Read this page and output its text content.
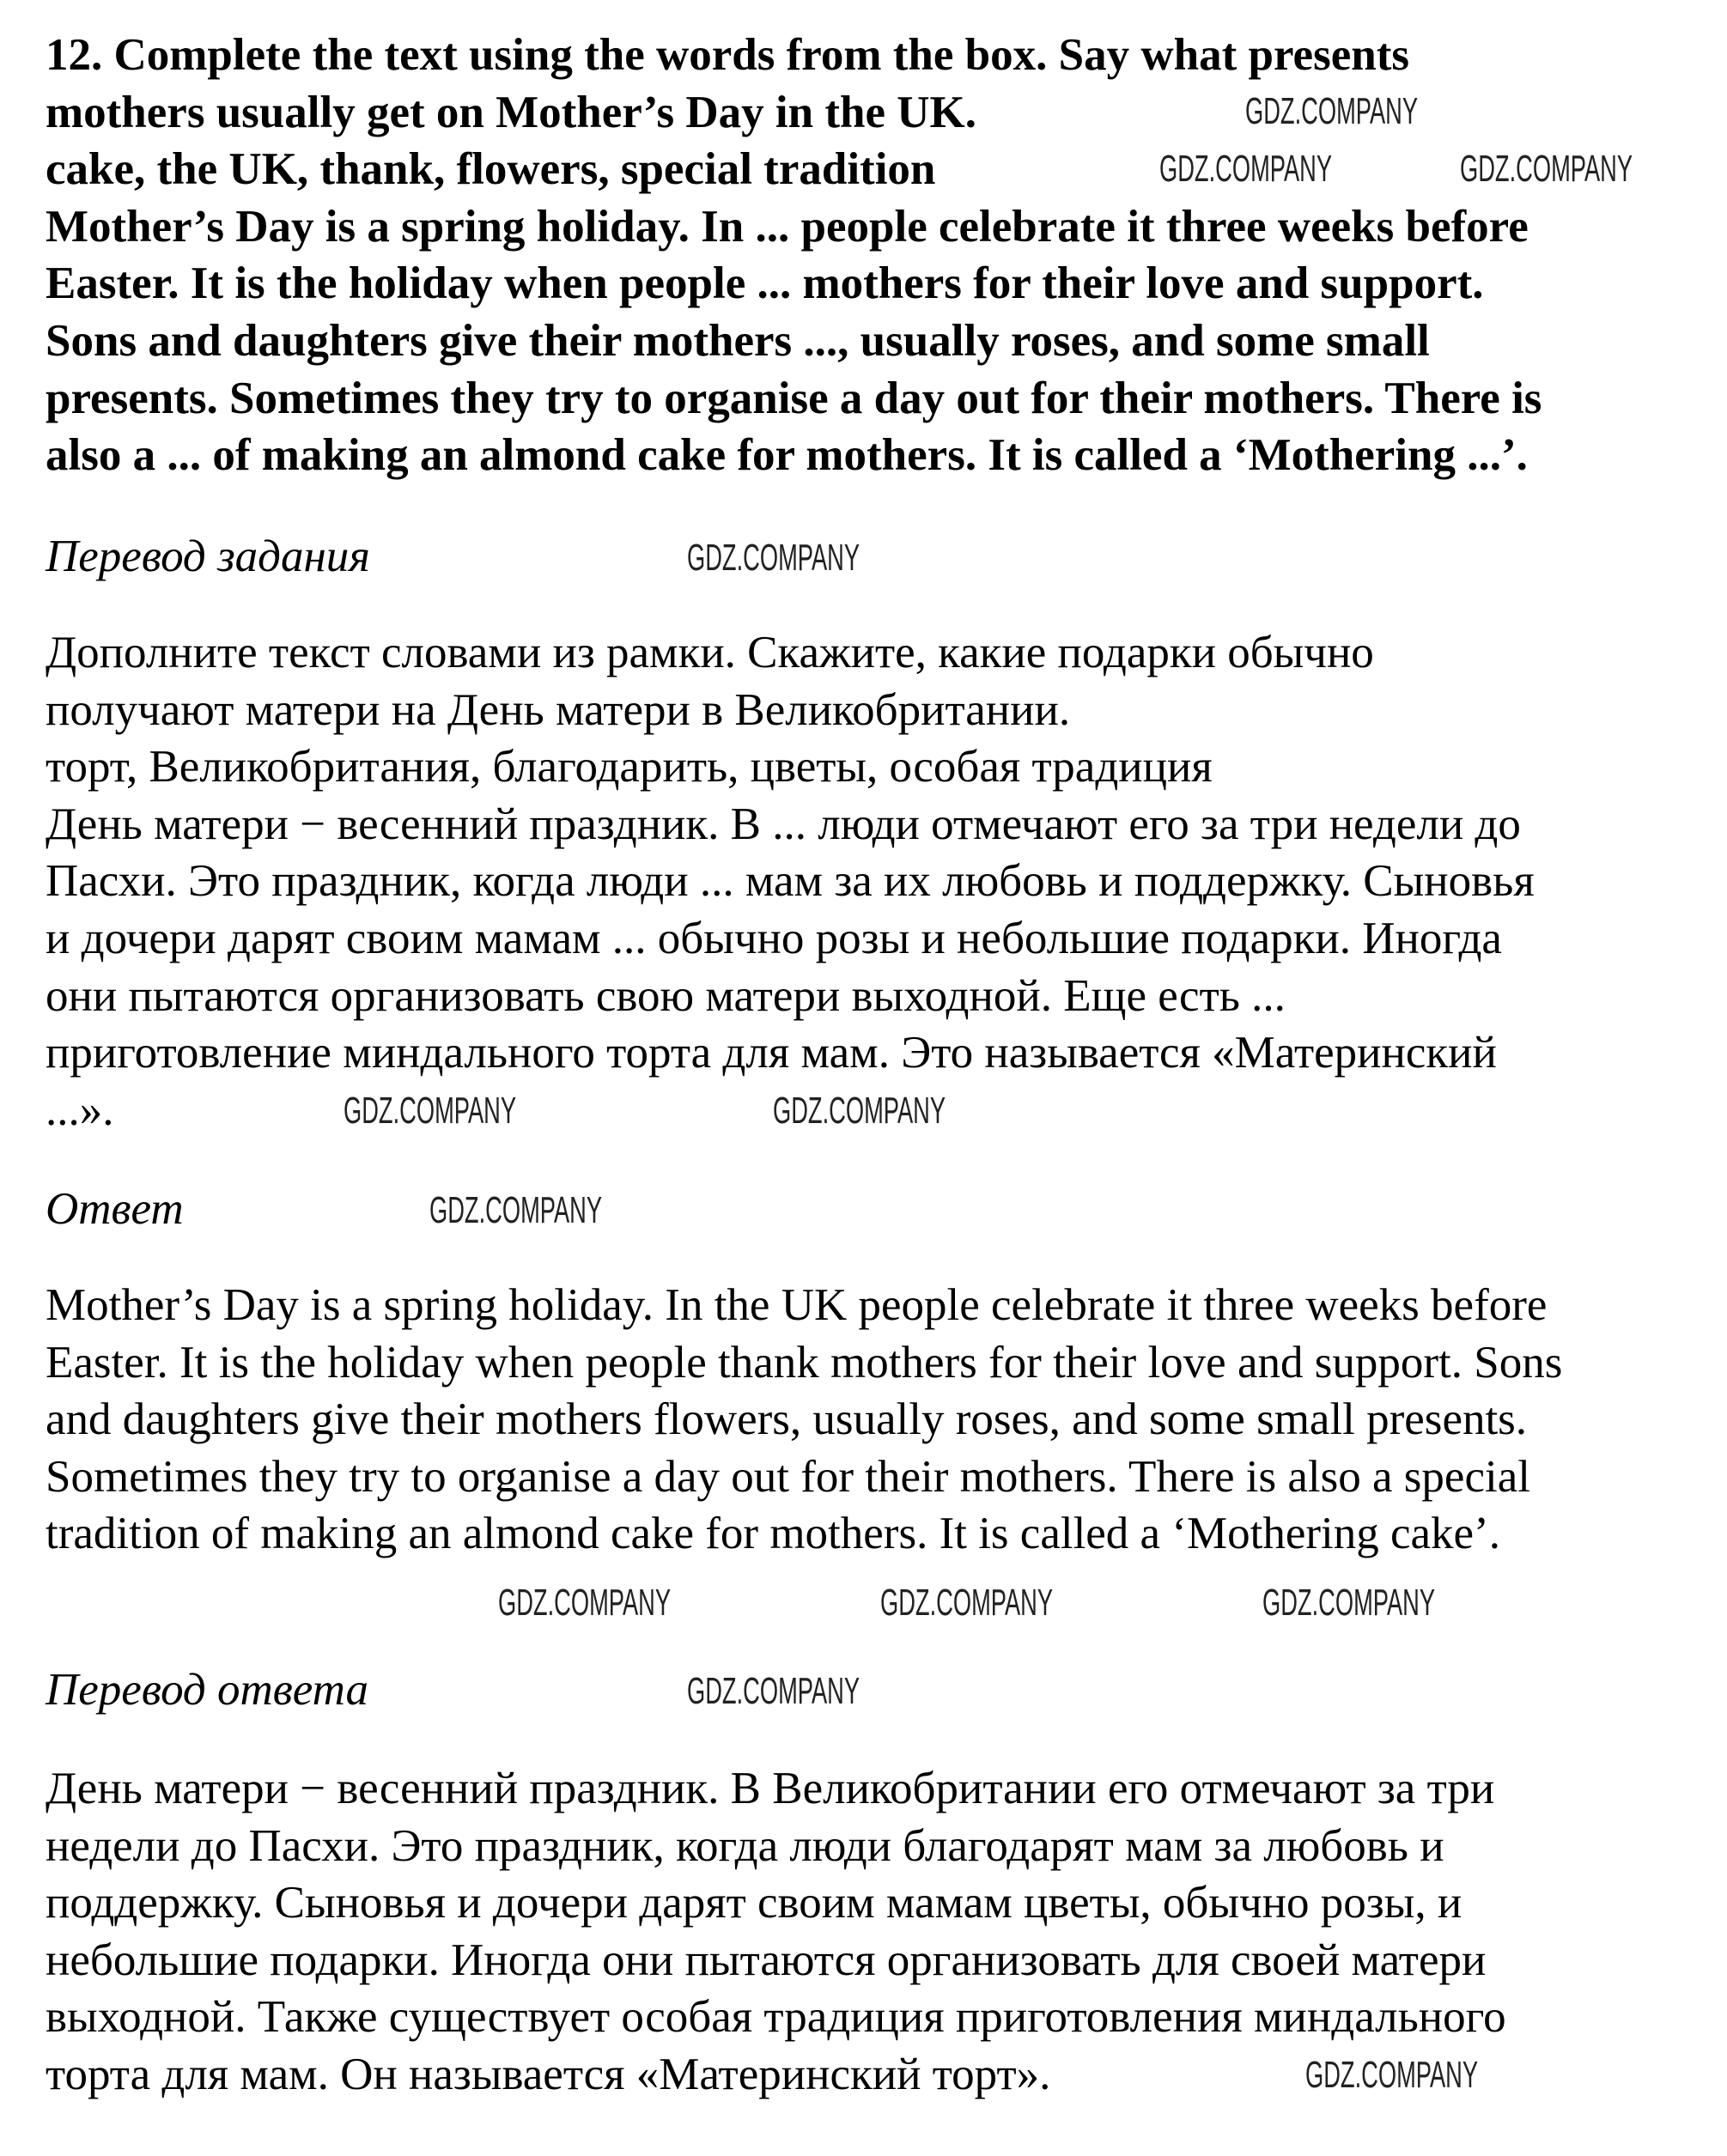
12. Complete the text using the words from the box. Say what presents
mothers usually get on Mother’s Day in the UK.
cake, the UK, thank, flowers, special tradition
Mother’s Day is a spring holiday. In ... people celebrate it three weeks before
Easter. It is the holiday when people ... mothers for their love and support.
Sons and daughters give their mothers ..., usually roses, and some small
presents. Sometimes they try to organise a day out for their mothers. There is
also a ... of making an almond cake for mothers. It is called a ‘Mothering ...’.
Перевод задания
Дополните текст словами из рамки. Скажите, какие подарки обычно
получают матери на День матери в Великобритании.
торт, Великобритания, благодарить, цветы, особая традиция
День матери − весенний праздник. В ... люди отмечают его за три недели до
Пасхи. Это праздник, когда люди ... мам за их любовь и поддержку. Сыновья
и дочери дарят своим мамам ... обычно розы и небольшие подарки. Иногда
они пытаются организовать свою матери выходной. Еще есть ...
приготовление миндального торта для мам. Это называется «Материнский
...».
Ответ
Mother’s Day is a spring holiday. In the UK people celebrate it three weeks before
Easter. It is the holiday when people thank mothers for their love and support. Sons
and daughters give their mothers flowers, usually roses, and some small presents.
Sometimes they try to organise a day out for their mothers. There is also a special
tradition of making an almond cake for mothers. It is called a ‘Mothering cake’.
Перевод ответа
День матери − весенний праздник. В Великобритании его отмечают за три
недели до Пасхи. Это праздник, когда люди благодарят мам за любовь и
поддержку. Сыновья и дочери дарят своим мамам цветы, обычно розы, и
небольшие подарки. Иногда они пытаются организовать для своей матери
выходной. Также существует особая традиция приготовления миндального
торта для мам. Он называется «Материнский торт».
GDZ.COMPANY
GDZ.COMPANY	GDZ.COMPANY
GDZ.COMPANY
GDZ.COMPANY	GDZ.COMPANY
GDZ.COMPANY
GDZ.COMPANY	GDZ.COMPANY	GDZ.COMPANY
GDZ.COMPANY
GDZ.COMPANY
